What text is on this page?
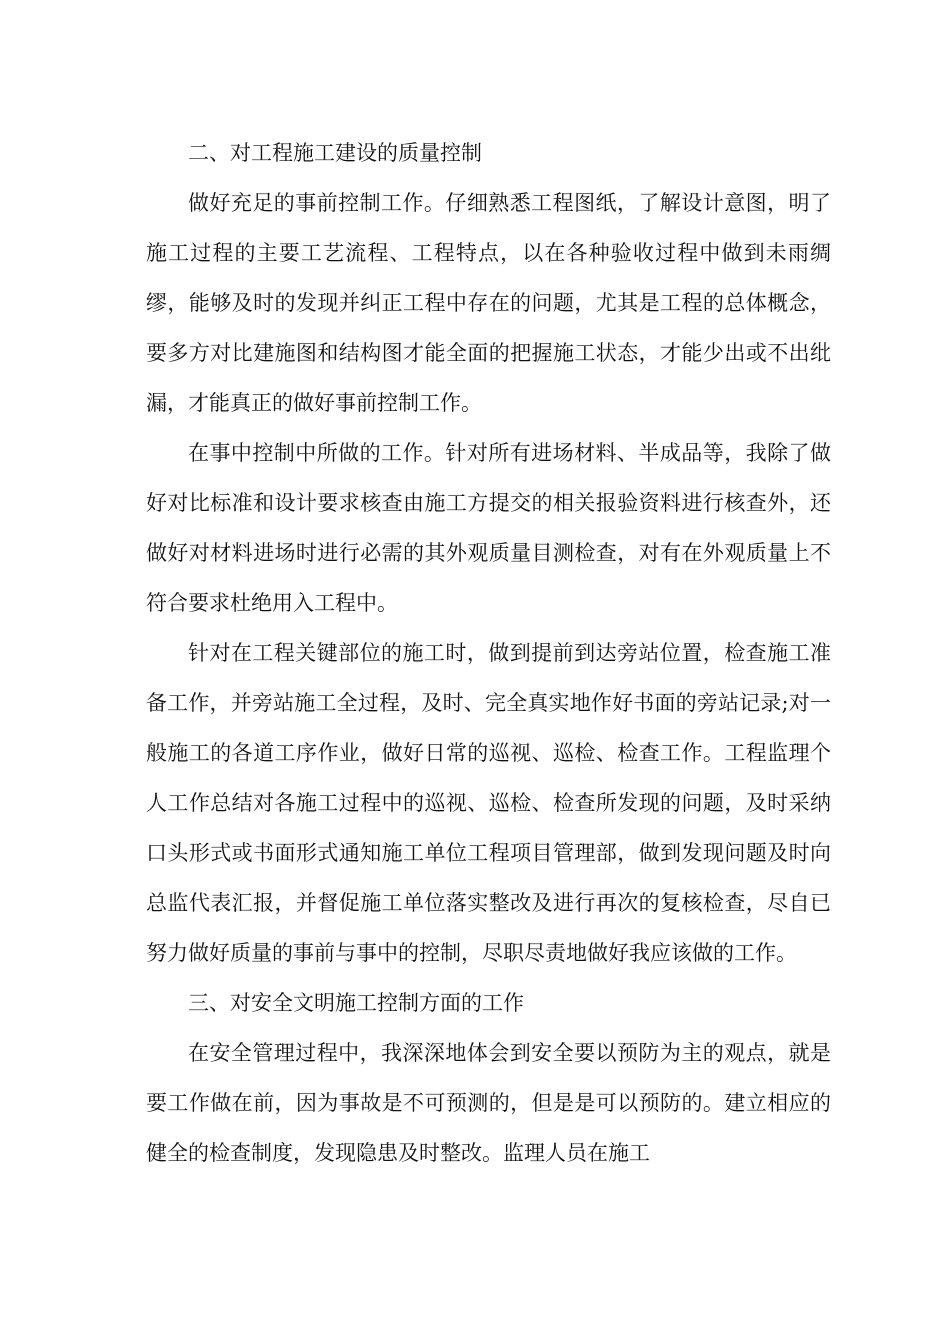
二、对工程施工建设的质量控制

做好充足的事前控制工作。仔细熟悉工程图纸，了解设计意图，明了施工过程的主要工艺流程、工程特点，以在各种验收过程中做到未雨绸缪，能够及时的发现并纠正工程中存在的问题，尤其是工程的总体概念，要多方对比建施图和结构图才能全面的把握施工状态，才能少出或不出纰漏，才能真正的做好事前控制工作。

在事中控制中所做的工作。针对所有进场材料、半成品等，我除了做好对比标准和设计要求核查由施工方提交的相关报验资料进行核查外，还做好对材料进场时进行必需的其外观质量目测检查，对有在外观质量上不符合要求杜绝用入工程中。

针对在工程关键部位的施工时，做到提前到达旁站位置，检查施工准备工作，并旁站施工全过程，及时、完全真实地作好书面的旁站记录;对一般施工的各道工序作业，做好日常的巡视、巡检、检查工作。工程监理个人工作总结对各施工过程中的巡视、巡检、检查所发现的问题，及时采纳口头形式或书面形式通知施工单位工程项目管理部，做到发现问题及时向总监代表汇报，并督促施工单位落实整改及进行再次的复核检查，尽自已努力做好质量的事前与事中的控制，尽职尽责地做好我应该做的工作。

三、对安全文明施工控制方面的工作

在安全管理过程中，我深深地体会到安全要以预防为主的观点，就是要工作做在前，因为事故是不可预测的，但是是可以预防的。建立相应的健全的检查制度，发现隐患及时整改。监理人员在施工
